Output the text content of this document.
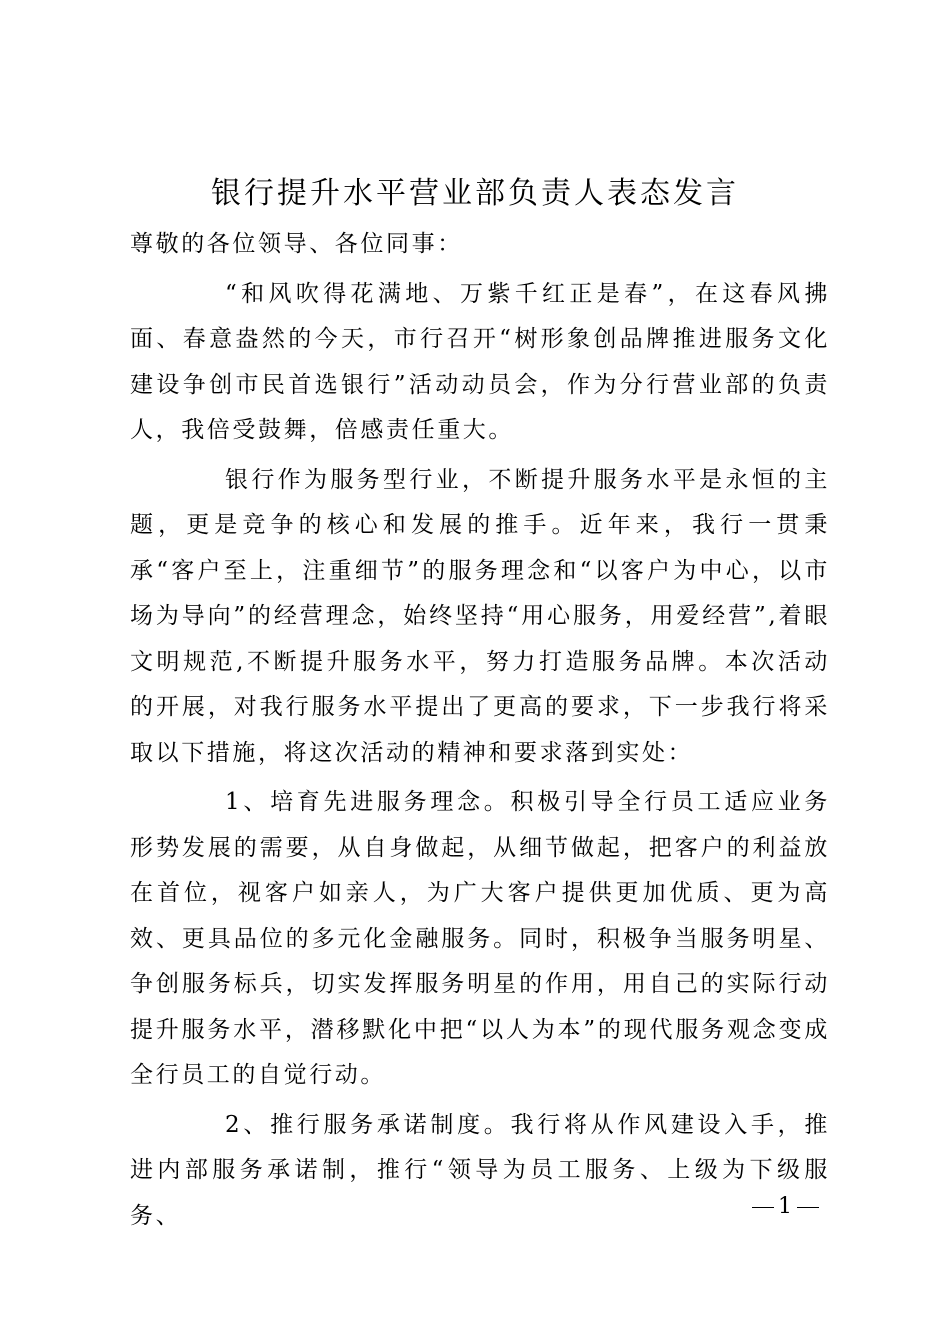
银行提升水平营业部负责人表态发言

尊敬的各位领导、各位同事：

“和风吹得花满地、万紫千红正是春”，在这春风拂面、春意盎然的今天，市行召开“树形象创品牌推进服务文化建设争创市民首选银行”活动动员会，作为分行营业部的负责人，我倍受鼓舞，倍感责任重大。

银行作为服务型行业，不断提升服务水平是永恒的主题，更是竞争的核心和发展的推手。近年来，我行一贯秉承“客户至上，注重细节”的服务理念和“以客户为中心，以市场为导向”的经营理念，始终坚持“用心服务，用爱经营”,着眼文明规范,不断提升服务水平，努力打造服务品牌。本次活动的开展，对我行服务水平提出了更高的要求，下一步我行将采取以下措施，将这次活动的精神和要求落到实处：

1、培育先进服务理念。积极引导全行员工适应业务形势发展的需要，从自身做起，从细节做起，把客户的利益放在首位，视客户如亲人，为广大客户提供更加优质、更为高效、更具品位的多元化金融服务。同时，积极争当服务明星、争创服务标兵，切实发挥服务明星的作用，用自己的实际行动提升服务水平，潜移默化中把“以人为本”的现代服务观念变成全行员工的自觉行动。

2、推行服务承诺制度。我行将从作风建设入手，推进内部服务承诺制，推行“领导为员工服务、上级为下级服务、	1
